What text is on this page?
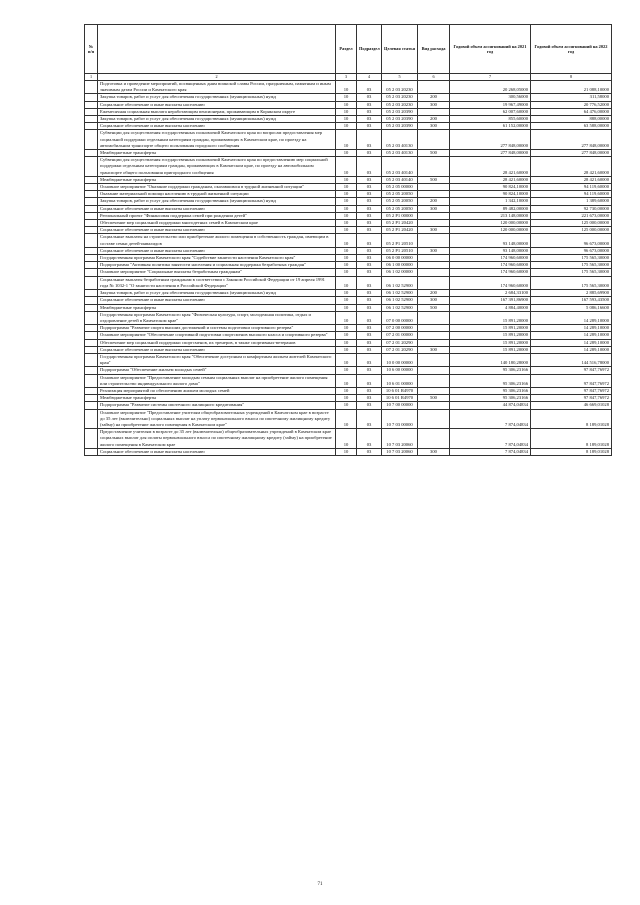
№ п/п		Раздел	Подраздел	Целевая статья	Вид расхода	Годовой объем ассигнований на 2021 год	Годовой объем ассигнований на 2022 год
1	2	3	4	5	6	7	8
	Подготовка и проведение мероприятий, посвященных дням воинской славы России, праздничным, памятным и иным значимым датам России и Камчатского края	10	03	05 2 03 20230		20 268,05000	21 088,10000
	Закупка товаров, работ и услуг для обеспечения государственных (муниципальных) нужд	10	03	05 2 03 20230	200	300,56000	311,58000
	Социальное обеспечение и иные выплаты населению	10	03	05 2 03 20230	300	19 967,49000	20 776,52000
	Ежемесячная социальная выплата неработающим пенсионерам, проживающим в Корякском округе	10	03	05 2 03 20390		62 007,60000	64 476,00000
	Закупка товаров, работ и услуг для обеспечения государственных (муниципальных) нужд	10	03	05 2 03 20390	200	855,60000	888,00000
	Социальное обеспечение и иные выплаты населению	10	03	05 2 03 20390	300	61 152,00000	63 588,00000
	Субвенции для осуществления государственных полномочий Камчатского края по вопросам предоставления мер социальной поддержки отдельным категориям граждан, проживающих в Камчатском крае, по проезду на автомобильном транспорте общего пользования городского сообщения	10	03	05 2 03 40130		277 848,00000	277 848,00000
	Межбюджетные трансферты	10	03	05 2 03 40130	500	277 848,00000	277 848,00000
	Субвенции для осуществления государственных полномочий Камчатского края по предоставлению мер социальной поддержки отдельным категориям граждан, проживающих в Камчатском крае, по проезду на автомобильном транспорте общего пользования пригородного сообщения	10	03	05 2 03 40140		28 421,60000	28 421,60000
	Межбюджетные трансферты	10	03	05 2 03 40140	500	28 421,60000	28 421,60000
	Основное мероприятие "Оказание поддержки гражданам, оказавшимся в трудной жизненной ситуации"	10	03	05 2 05 00000		90 824,10000	94 119,60000
	Оказание материальной помощи населению в трудной жизненной ситуации	10	03	05 2 05 20050		90 824,10000	94 119,60000
	Закупка товаров, работ и услуг для обеспечения государственных (муниципальных) нужд	10	03	05 2 05 20050	200	1 342,10000	1 389,60000
	Социальное обеспечение и иные выплаты населению	10	03	05 2 05 20050	300	89 482,00000	92 730,00000
	Региональный проект "Финансовая поддержка семей при рождении детей"	10	03	05 2 P1 00000		213 148,00000	221 673,00000
	Обеспечение мер социальной поддержки многодетных семей в Камчатском крае	10	03	05 2 P1 20420		120 000,00000	125 000,00000
	Социальное обеспечение и иные выплаты населению	10	03	05 2 P1 20420	300	120 000,00000	125 000,00000
	Социальные выплаты на строительство или приобретение жилого помещения в собственность граждан, имеющим в составе семьи детей-инвалидов	10	03	05 2 P1 20510		93 148,00000	96 673,00000
	Социальное обеспечение и иные выплаты населению	10	03	05 2 P1 20510	300	93 148,00000	96 673,00000
	Государственная программа Камчатского края "Содействие занятости населения Камчатского края"	10	03	06 0 00 00000		174 960,60000	175 565,30000
	Подпрограмма "Активная политика занятости населения и социальная поддержка безработных граждан"	10	03	06 1 00 00000		174 960,60000	175 565,30000
	Основное мероприятие "Социальные выплаты безработным гражданам"	10	03	06 1 02 00000		174 960,60000	175 565,30000
	Социальные выплаты безработным гражданам в соответствии с Законом Российской Федерации от 19 апреля 1991 года № 1032-1 "О занятости населения в Российской Федерации"	10	03	06 1 02 52900		174 960,60000	175 565,30000
	Закупка товаров, работ и услуг для обеспечения государственных (муниципальных) нужд	10	03	06 1 02 52900	200	2 684,33100	2 885,69900
	Социальное обеспечение и иные выплаты населению	10	03	06 1 02 52900	300	167 391,86900	167 593,43500
	Межбюджетные трансферты	10	03	06 1 02 52900	500	4 884,40000	5 086,16600
	Государственная программа Камчатского края "Физическая культура, спорт, молодежная политика, отдых и оздоровление детей в Камчатском крае"	10	03	07 0 00 00000		15 891,20000	14 289,10000
	Подпрограмма "Развитие спорта высших достижений и системы подготовки спортивного резерва"	10	03	07 2 00 00000		15 891,20000	14 289,10000
	Основное мероприятие "Обеспечение спортивной подготовки спортсменов высокого класса и спортивного резерва"	10	03	07 2 01 00000		15 891,20000	14 289,10000
	Обеспечение мер социальной поддержки спортсменов, их тренеров, в также спортивных-ветеранов	10	03	07 2 01 20290		15 891,20000	14 289,10000
	Социальное обеспечение и иные выплаты населению	10	03	07 2 01 20290	300	15 891,20000	14 289,10000
	Государственная программа Камчатского края "Обеспечение доступным и комфортным жильем жителей Камчатского края"	10	03	10 0 00 00000		140 180,28000	144 516,78000
	Подпрограмма "Обеспечение жильем молодых семей"	10	03	10 6 00 00000		95 306,23166	97 847,76972
	Основное мероприятие "Предоставление молодым семьям социальных выплат на приобретение жилого помещения или строительство индивидуального жилого дома"	10	03	10 6 01 00000		95 306,23166	97 847,76972
	Реализация мероприятий по обеспечению жильем молодых семей	10	03	10 6 01 R4970		95 306,23166	97 847,76972
	Межбюджетные трансферты	10	03	10 6 01 R4970	500	95 306,23166	97 847,76972
	Подпрограмма "Развитие системы ипотечного жилищного кредитования"	10	03	10 7 00 00000		44 874,04834	46 669,01028
	Основное мероприятие "Предоставление учителям общеобразовательных учреждений в Камчатском крае в возрасте до 35 лет (включительно) социальных выплат на уплату первоначального взноса по ипотечному жилищному кредиту (займу) на приобретение жилого помещения в Камчатском крае"	10	03	10 7 03 00000		7 874,04834	8 189,01028
	Предоставление учителям в возрасте до 35 лет (включительно) общеобразовательных учреждений в Камчатском крае социальных выплат для оплаты первоначального взноса по ипотечному жилищному кредиту (займу) на приобретение жилого помещения в Камчатском крае	10	03	10 7 03 20060		7 874,04834	8 189,01028
	Социальное обеспечение и иные выплаты населению	10	03	10 7 03 20060	300	7 874,04834	8 189,01028
71
